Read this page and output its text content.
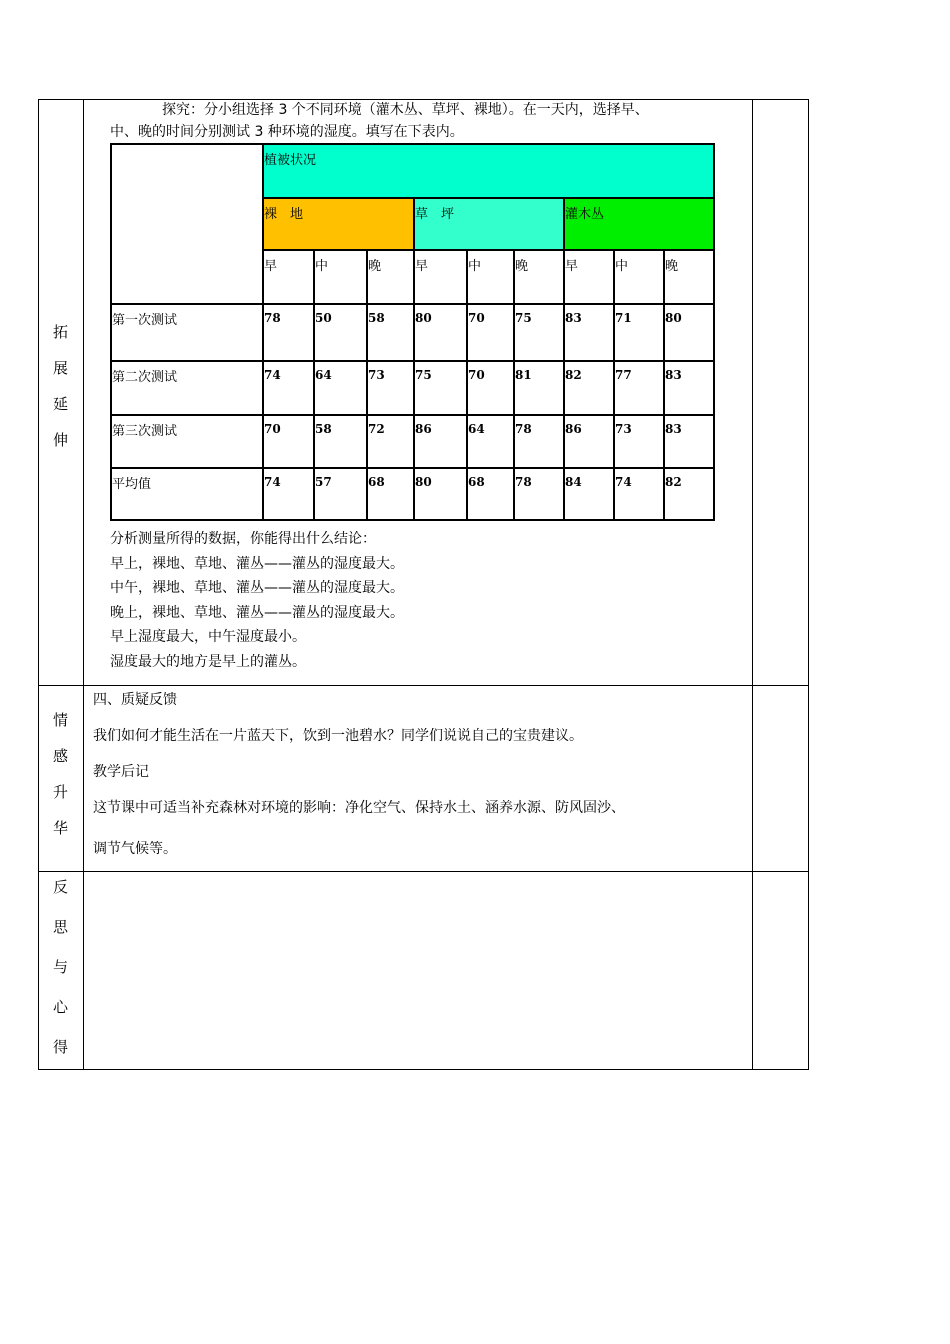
拓
展
延
伸
探究：分小组选择 3 个不同环境（灌木丛、草坪、裸地）。在一天内，选择早、
中、晚的时间分别测试 3 种环境的湿度。填写在下表内。
	植被状况								
	裸　地			草　坪			灌木丛		
	早	中	晚	早	中	晚	早	中	晚
第一次测试	78	50	58	80	70	75	83	71	80
第二次测试	74	64	73	75	70	81	82	77	83
第三次测试	70	58	72	86	64	78	86	73	83
平均值	74	57	68	80	68	78	84	74	82
分析测量所得的数据，你能得出什么结论：
早上，裸地、草地、灌丛——灌丛的湿度最大。
中午，裸地、草地、灌丛——灌丛的湿度最大。
晚上，裸地、草地、灌丛——灌丛的湿度最大。
早上湿度最大，中午湿度最小。
湿度最大的地方是早上的灌丛。
情
感
升
华
四、质疑反馈
我们如何才能生活在一片蓝天下，饮到一池碧水？同学们说说自己的宝贵建议。
教学后记
这节课中可适当补充森林对环境的影响：净化空气、保持水土、涵养水源、防风固沙、
调节气候等。
反
思
与
心
得
